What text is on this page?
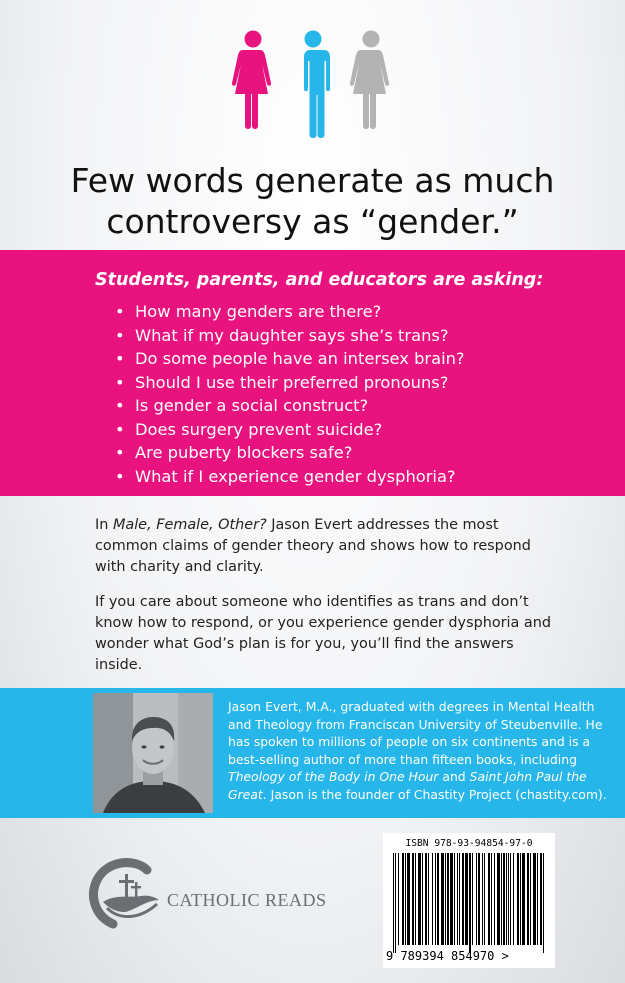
Few words generate as much
controversy as “gender.”
Students, parents, and educators are asking:
• How many genders are there?
• What if my daughter says she’s trans?
• Do some people have an intersex brain?
• Should I use their preferred pronouns?
• Is gender a social construct?
• Does surgery prevent suicide?
• Are puberty blockers safe?
• What if I experience gender dysphoria?

In Male, Female, Other? Jason Evert addresses the most common claims of gender theory and shows how to respond with charity and clarity.

If you care about someone who identifies as trans and don’t know how to respond, or you experience gender dysphoria and wonder what God’s plan is for you, you’ll find the answers inside.

Jason Evert, M.A., graduated with degrees in Mental Health and Theology from Franciscan University of Steubenville. He has spoken to millions of people on six continents and is a best-selling author of more than fifteen books, including Theology of the Body in One Hour and Saint John Paul the Great. Jason is the founder of Chastity Project (chastity.com).
CATHOLIC READS
ISBN 978-93-94854-97-0
9 789394 854970 >
